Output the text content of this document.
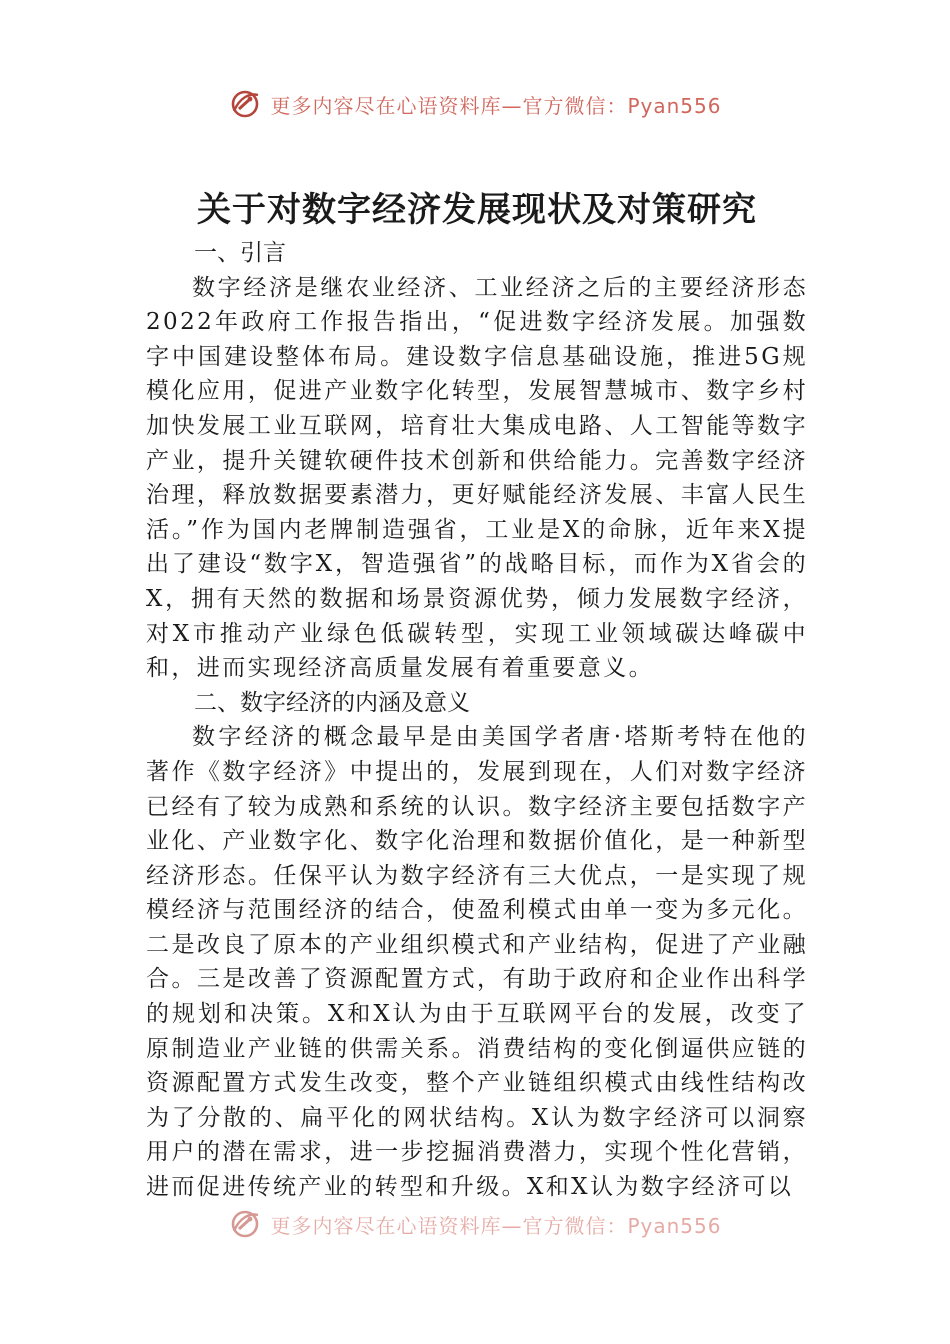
更多内容尽在心语资料库—官方微信：Pyan556
关于对数字经济发展现状及对策研究
一、引言

数字经济是继农业经济、工业经济之后的主要经济形态2022年政府工作报告指出，“促进数字经济发展。加强数字中国建设整体布局。建设数字信息基础设施，推进5G规模化应用，促进产业数字化转型，发展智慧城市、数字乡村加快发展工业互联网，培育壮大集成电路、人工智能等数字产业，提升关键软硬件技术创新和供给能力。完善数字经济治理，释放数据要素潜力，更好赋能经济发展、丰富人民生活。”作为国内老牌制造强省，工业是X的命脉，近年来X提出了建设“数字X，智造强省”的战略目标，而作为X省会的X，拥有天然的数据和场景资源优势，倾力发展数字经济，对X市推动产业绿色低碳转型，实现工业领域碳达峰碳中和，进而实现经济高质量发展有着重要意义。

二、数字经济的内涵及意义

数字经济的概念最早是由美国学者唐·塔斯考特在他的著作《数字经济》中提出的，发展到现在，人们对数字经济已经有了较为成熟和系统的认识。数字经济主要包括数字产业化、产业数字化、数字化治理和数据价值化，是一种新型经济形态。任保平认为数字经济有三大优点，一是实现了规模经济与范围经济的结合，使盈利模式由单一变为多元化。二是改良了原本的产业组织模式和产业结构，促进了产业融合。三是改善了资源配置方式，有助于政府和企业作出科学的规划和决策。X和X认为由于互联网平台的发展，改变了原制造业产业链的供需关系。消费结构的变化倒逼供应链的资源配置方式发生改变，整个产业链组织模式由线性结构改为了分散的、扁平化的网状结构。X认为数字经济可以洞察用户的潜在需求，进一步挖掘消费潜力，实现个性化营销，进而促进传统产业的转型和升级。X和X认为数字经济可以

更多内容尽在心语资料库—官方微信：Pyan556
